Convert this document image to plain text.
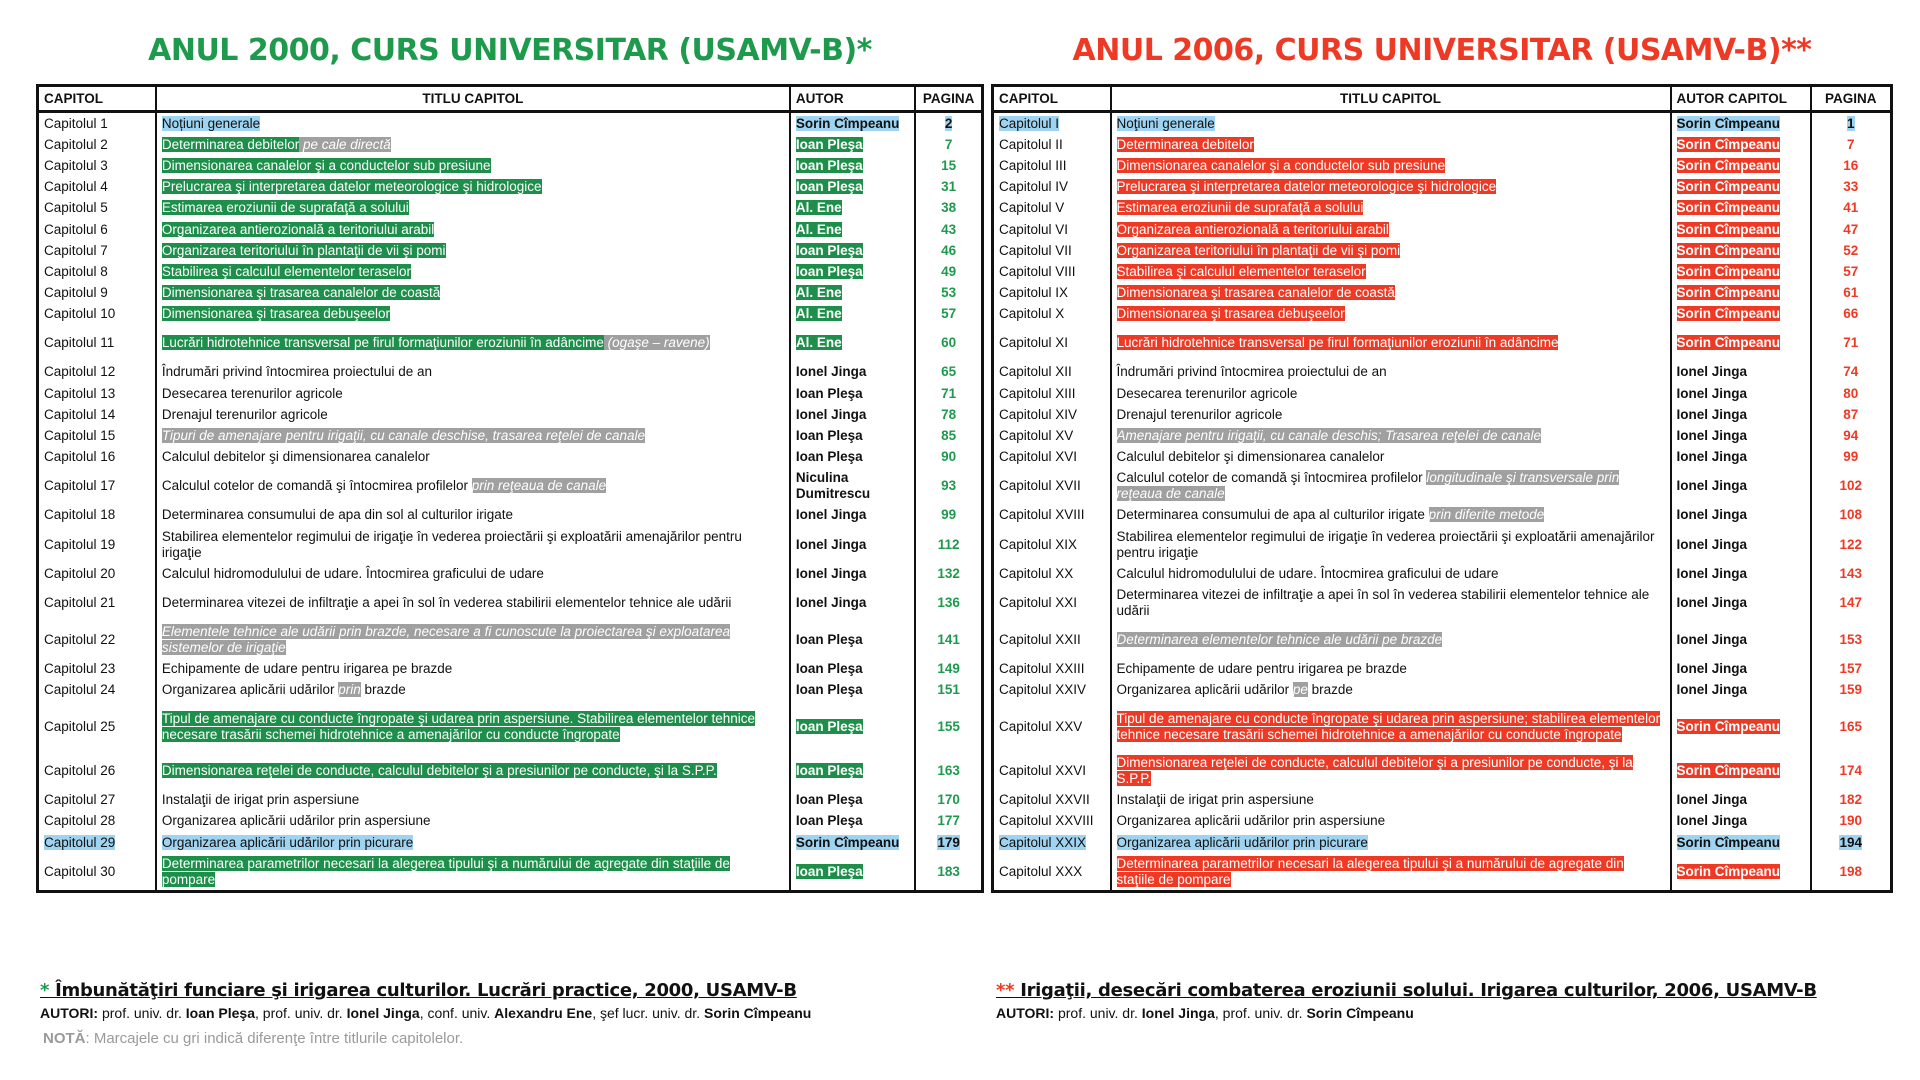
ANUL 2000, CURS UNIVERSITAR (USAMV-B)*
CAPITOL	TITLU CAPITOL	AUTOR	PAGINA
Capitolul 1	Noțiuni generale	Sorin Cîmpeanu	2
Capitolul 2	Determinarea debitelor pe cale directă	Ioan Pleşa	7
Capitolul 3	Dimensionarea canalelor şi a conductelor sub presiune	Ioan Pleşa	15
Capitolul 4	Prelucrarea şi interpretarea datelor meteorologice şi hidrologice	Ioan Pleşa	31
Capitolul 5	Estimarea eroziunii de suprafaţă a solului	Al. Ene	38
Capitolul 6	Organizarea antierozională a teritoriului arabil	Al. Ene	43
Capitolul 7	Organizarea teritoriului în plantaţii de vii şi pomi	Ioan Pleşa	46
Capitolul 8	Stabilirea şi calculul elementelor teraselor	Ioan Pleşa	49
Capitolul 9	Dimensionarea şi trasarea canalelor de coastă	Al. Ene	53
Capitolul 10	Dimensionarea şi trasarea debuşeelor	Al. Ene	57
Capitolul 11	Lucrări hidrotehnice transversal pe firul formaţiunilor eroziunii în adâncime (ogaşe – ravene)	Al. Ene	60
Capitolul 12	Îndrumări privind întocmirea proiectului de an	Ionel Jinga	65
Capitolul 13	Desecarea terenurilor agricole	Ioan Pleşa	71
Capitolul 14	Drenajul terenurilor agricole	Ionel Jinga	78
Capitolul 15	Tipuri de amenajare pentru irigaţii, cu canale deschise, trasarea reţelei de canale	Ioan Pleşa	85
Capitolul 16	Calculul debitelor şi dimensionarea canalelor	Ioan Pleşa	90
Capitolul 17	Calculul cotelor de comandă şi întocmirea profilelor prin reţeaua de canale	Niculina Dumitrescu	93
Capitolul 18	Determinarea consumului de apa din sol al culturilor irigate	Ionel Jinga	99
Capitolul 19	Stabilirea elementelor regimului de irigaţie în vederea proiectării şi exploatării amenajărilor pentru irigaţie	Ionel Jinga	112
Capitolul 20	Calculul hidromodulului de udare. Întocmirea graficului de udare	Ionel Jinga	132
Capitolul 21	Determinarea vitezei de infiltraţie a apei în sol în vederea stabilirii elementelor tehnice ale udării	Ionel Jinga	136
Capitolul 22	Elementele tehnice ale udării prin brazde, necesare a fi cunoscute la proiectarea şi exploatarea sistemelor de irigaţie	Ioan Pleşa	141
Capitolul 23	Echipamente de udare pentru irigarea pe brazde	Ioan Pleşa	149
Capitolul 24	Organizarea aplicării udărilor prin brazde	Ioan Pleşa	151
Capitolul 25	Tipul de amenajare cu conducte îngropate şi udarea prin aspersiune. Stabilirea elementelor tehnice necesare trasării schemei hidrotehnice a amenajărilor cu conducte îngropate	Ioan Pleşa	155
Capitolul 26	Dimensionarea reţelei de conducte, calculul debitelor şi a presiunilor pe conducte, şi la S.P.P.	Ioan Pleşa	163
Capitolul 27	Instalaţii de irigat prin aspersiune	Ioan Pleşa	170
Capitolul 28	Organizarea aplicării udărilor prin aspersiune	Ioan Pleşa	177
Capitolul 29	Organizarea aplicării udărilor prin picurare	Sorin Cîmpeanu	179
Capitolul 30	Determinarea parametrilor necesari la alegerea tipului şi a numărului de agregate din staţiile de pompare	Ioan Pleşa	183
ANUL 2006, CURS UNIVERSITAR (USAMV-B)**
CAPITOL	TITLU CAPITOL	AUTOR CAPITOL	PAGINA
Capitolul I	Noţiuni generale	Sorin Cîmpeanu	1
Capitolul II	Determinarea debitelor	Sorin Cîmpeanu	7
Capitolul III	Dimensionarea canalelor şi a conductelor sub presiune	Sorin Cîmpeanu	16
Capitolul IV	Prelucrarea şi interpretarea datelor meteorologice şi hidrologice	Sorin Cîmpeanu	33
Capitolul V	Estimarea eroziunii de suprafaţă a solului	Sorin Cîmpeanu	41
Capitolul VI	Organizarea antierozională a teritoriului arabil	Sorin Cîmpeanu	47
Capitolul VII	Organizarea teritoriului în plantaţii de vii şi pomi	Sorin Cîmpeanu	52
Capitolul VIII	Stabilirea şi calculul elementelor teraselor	Sorin Cîmpeanu	57
Capitolul IX	Dimensionarea şi trasarea canalelor de coastă	Sorin Cîmpeanu	61
Capitolul X	Dimensionarea şi trasarea debuşeelor	Sorin Cîmpeanu	66
Capitolul XI	Lucrări hidrotehnice transversal pe firul formaţiunilor eroziunii în adâncime	Sorin Cîmpeanu	71
Capitolul XII	Îndrumări privind întocmirea proiectului de an	Ionel Jinga	74
Capitolul XIII	Desecarea terenurilor agricole	Ionel Jinga	80
Capitolul XIV	Drenajul terenurilor agricole	Ionel Jinga	87
Capitolul XV	Amenajare pentru irigaţii, cu canale deschis; Trasarea reţelei de canale	Ionel Jinga	94
Capitolul XVI	Calculul debitelor şi dimensionarea canalelor	Ionel Jinga	99
Capitolul XVII	Calculul cotelor de comandă şi întocmirea profilelor longitudinale şi transversale prin reţeaua de canale	Ionel Jinga	102
Capitolul XVIII	Determinarea consumului de apa al culturilor irigate prin diferite metode	Ionel Jinga	108
Capitolul XIX	Stabilirea elementelor regimului de irigaţie în vederea proiectării şi exploatării amenajărilor pentru irigaţie	Ionel Jinga	122
Capitolul XX	Calculul hidromodulului de udare. Întocmirea graficului de udare	Ionel Jinga	143
Capitolul XXI	Determinarea vitezei de infiltraţie a apei în sol în vederea stabilirii elementelor tehnice ale udării	Ionel Jinga	147
Capitolul XXII	Determinarea elementelor tehnice ale udării pe brazde	Ionel Jinga	153
Capitolul XXIII	Echipamente de udare pentru irigarea pe brazde	Ionel Jinga	157
Capitolul XXIV	Organizarea aplicării udărilor pe brazde	Ionel Jinga	159
Capitolul XXV	Tipul de amenajare cu conducte îngropate şi udarea prin aspersiune; stabilirea elementelor tehnice necesare trasării schemei hidrotehnice a amenajărilor cu conducte îngropate	Sorin Cîmpeanu	165
Capitolul XXVI	Dimensionarea reţelei de conducte, calculul debitelor şi a presiunilor pe conducte, şi la S.P.P.	Sorin Cîmpeanu	174
Capitolul XXVII	Instalaţii de irigat prin aspersiune	Ionel Jinga	182
Capitolul XXVIII	Organizarea aplicării udărilor prin aspersiune	Ionel Jinga	190
Capitolul XXIX	Organizarea aplicării udărilor prin picurare	Sorin Cîmpeanu	194
Capitolul XXX	Determinarea parametrilor necesari la alegerea tipului şi a numărului de agregate din staţiile de pompare	Sorin Cîmpeanu	198
* Îmbunătăţiri funciare şi irigarea culturilor. Lucrări practice, 2000, USAMV-B
AUTORI: prof. univ. dr. Ioan Pleşa, prof. univ. dr. Ionel Jinga, conf. univ. Alexandru Ene, şef lucr. univ. dr. Sorin Cîmpeanu
** Irigaţii, desecări combaterea eroziunii solului. Irigarea culturilor, 2006, USAMV-B
AUTORI: prof. univ. dr. Ionel Jinga, prof. univ. dr. Sorin Cîmpeanu
NOTĂ: Marcajele cu gri indică diferenţe între titlurile capitolelor.
